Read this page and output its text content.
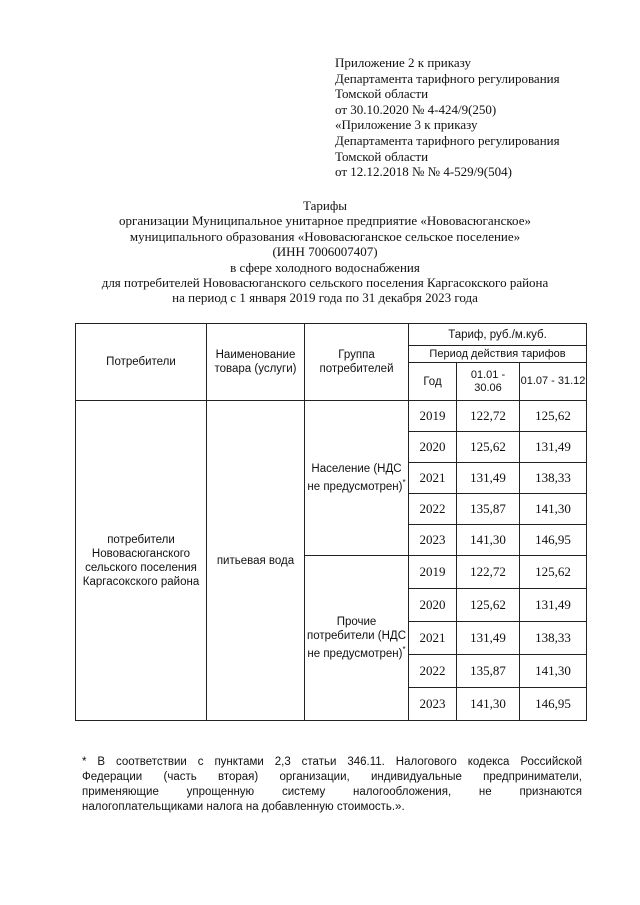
Приложение 2 к приказу
Департамента тарифного регулирования
Томской области
от 30.10.2020 № 4-424/9(250)
«Приложение 3 к приказу
Департамента тарифного регулирования
Томской области
от 12.12.2018 № № 4-529/9(504)
Тарифы
организации Муниципальное унитарное предприятие «Нововасюганское»
муниципального образования «Нововасюганское сельское поселение»
(ИНН 7006007407)
в сфере холодного водоснабжения
для потребителей Нововасюганского сельского поселения Каргасокского района
на период с 1 января 2019 года по 31 декабря 2023 года
Потребители	Наименование товара (услуги)	Группа потребителей	Тариф, руб./м.куб.		
			Период действия тарифов		
			Год	01.01 - 30.06	01.07 - 31.12
потребители Нововасюганского сельского поселения Каргасокского района	питьевая вода	Население (НДС не предусмотрен)*	2019	122,72	125,62
			2020	125,62	131,49
			2021	131,49	138,33
			2022	135,87	141,30
			2023	141,30	146,95
		Прочие потребители (НДС не предусмотрен)*	2019	122,72	125,62
			2020	125,62	131,49
			2021	131,49	138,33
			2022	135,87	141,30
			2023	141,30	146,95
* В соответствии с пунктами 2,3 статьи 346.11. Налогового кодекса Российской
Федерации (часть вторая) организации, индивидуальные предприниматели,
применяющие упрощенную систему налогообложения, не признаются
налогоплательщиками налога на добавленную стоимость.».
